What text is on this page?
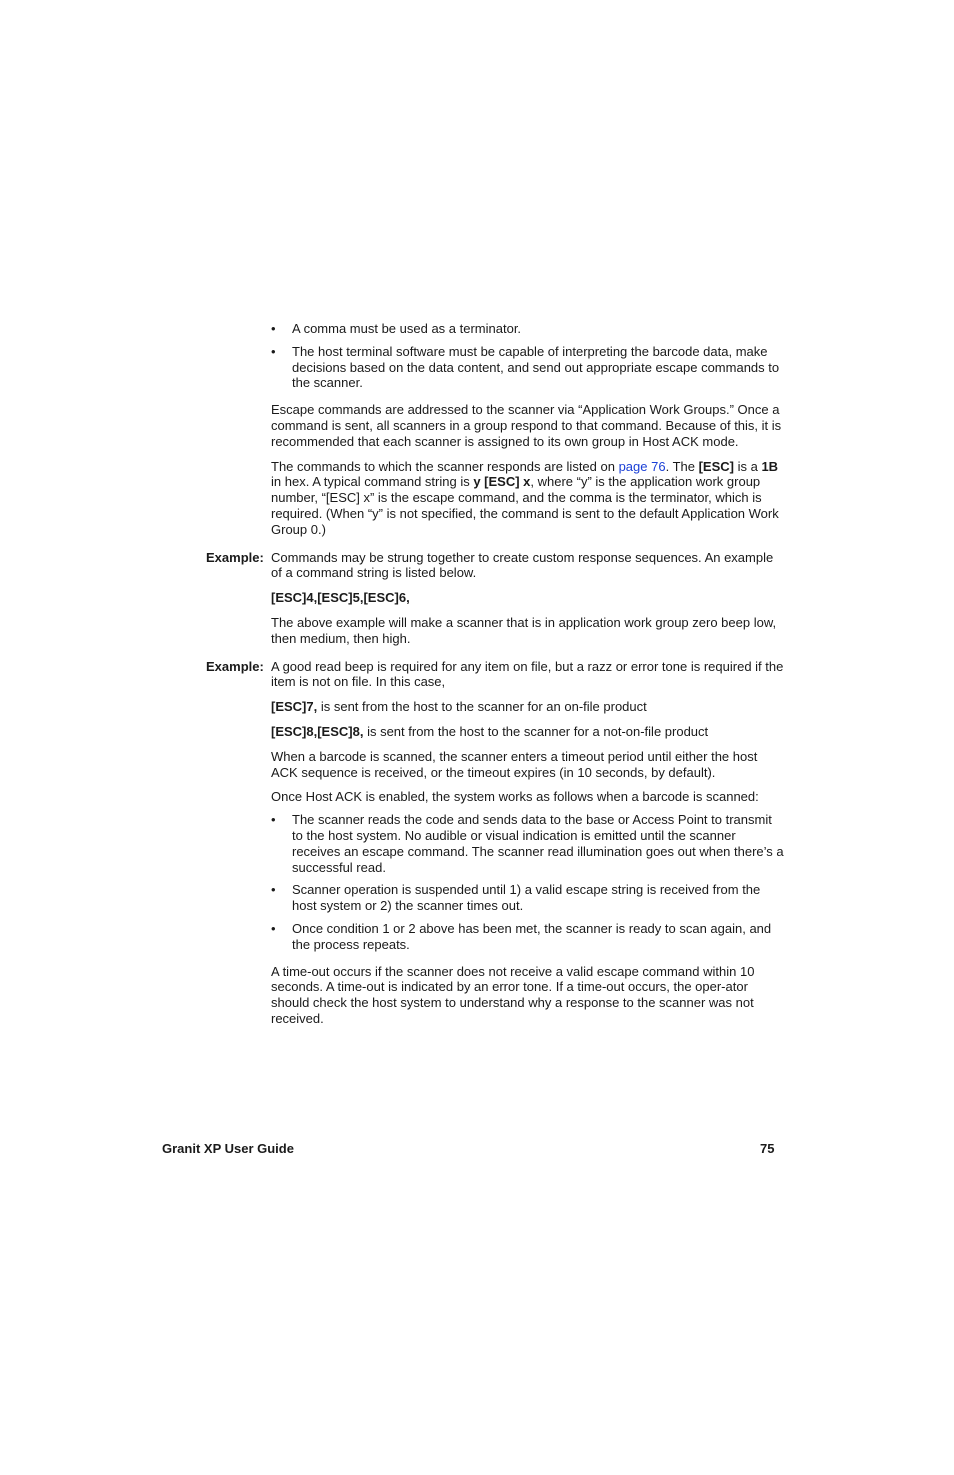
• A comma must be used as a terminator.
• The host terminal software must be capable of interpreting the barcode data, make decisions based on the data content, and send out appropriate escape commands to the scanner.

Escape commands are addressed to the scanner via “Application Work Groups.” Once a command is sent, all scanners in a group respond to that command. Because of this, it is recommended that each scanner is assigned to its own group in Host ACK mode.

The commands to which the scanner responds are listed on page 76. The [ESC] is a 1B in hex. A typical command string is y [ESC] x, where “y” is the application work group number, “[ESC] x” is the escape command, and the comma is the terminator, which is required. (When “y” is not specified, the command is sent to the default Application Work Group 0.)

Example: Commands may be strung together to create custom response sequences. An example of a command string is listed below.

[ESC]4,[ESC]5,[ESC]6,

The above example will make a scanner that is in application work group zero beep low, then medium, then high.

Example: A good read beep is required for any item on file, but a razz or error tone is required if the item is not on file. In this case,

[ESC]7, is sent from the host to the scanner for an on-file product

[ESC]8,[ESC]8, is sent from the host to the scanner for a not-on-file product

When a barcode is scanned, the scanner enters a timeout period until either the host ACK sequence is received, or the timeout expires (in 10 seconds, by default).

Once Host ACK is enabled, the system works as follows when a barcode is scanned:

• The scanner reads the code and sends data to the base or Access Point to transmit to the host system. No audible or visual indication is emitted until the scanner receives an escape command. The scanner read illumination goes out when there’s a successful read.
• Scanner operation is suspended until 1) a valid escape string is received from the host system or 2) the scanner times out.
• Once condition 1 or 2 above has been met, the scanner is ready to scan again, and the process repeats.

A time-out occurs if the scanner does not receive a valid escape command within 10 seconds. A time-out is indicated by an error tone. If a time-out occurs, the oper-ator should check the host system to understand why a response to the scanner was not received.

Granit XP User Guide	75
